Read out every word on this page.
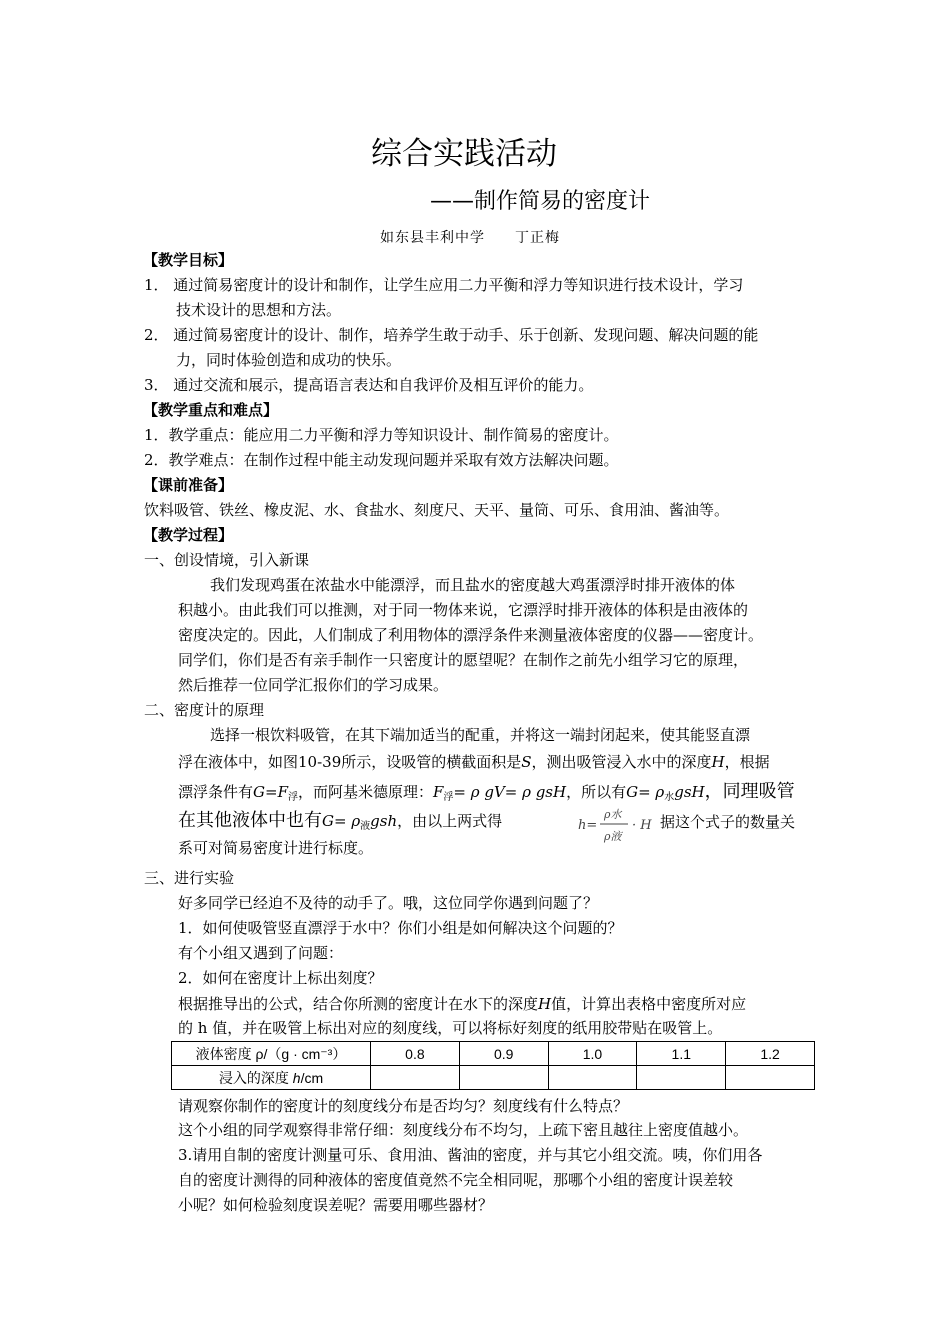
综合实践活动
——制作简易的密度计
如东县丰利中学　　丁正梅
【教学目标】
1． 通过简易密度计的设计和制作，让学生应用二力平衡和浮力等知识进行技术设计，学习
技术设计的思想和方法。
2． 通过简易密度计的设计、制作，培养学生敢于动手、乐于创新、发现问题、解决问题的能
力，同时体验创造和成功的快乐。
3． 通过交流和展示，提高语言表达和自我评价及相互评价的能力。
【教学重点和难点】
1．教学重点：能应用二力平衡和浮力等知识设计、制作简易的密度计。
2．教学难点：在制作过程中能主动发现问题并采取有效方法解决问题。
【课前准备】
饮料吸管、铁丝、橡皮泥、水、食盐水、刻度尺、天平、量筒、可乐、食用油、酱油等。
【教学过程】
一、创设情境，引入新课
我们发现鸡蛋在浓盐水中能漂浮，而且盐水的密度越大鸡蛋漂浮时排开液体的体
积越小。由此我们可以推测，对于同一物体来说，它漂浮时排开液体的体积是由液体的
密度决定的。因此，人们制成了利用物体的漂浮条件来测量液体密度的仪器——密度计。
同学们，你们是否有亲手制作一只密度计的愿望呢？在制作之前先小组学习它的原理，
然后推荐一位同学汇报你们的学习成果。
二、密度计的原理
选择一根饮料吸管，在其下端加适当的配重，并将这一端封闭起来，使其能竖直漂
浮在液体中，如图10-39所示，设吸管的横截面积是S，测出吸管浸入水中的深度H，根据
漂浮条件有$G=F_浮$，而阿基米德原理：$F_浮= \rho$ gV= ρ gsH，所以有$G= \rho_水gsH$，同理吸管
在其他液体中也有$G= \rho_液gsh$，由以上两式得	h=
ρ水
ρ液
· H 据这个式子的数量关
系可对简易密度计进行标度。
三、进行实验
好多同学已经迫不及待的动手了。哦，这位同学你遇到问题了？
1．如何使吸管竖直漂浮于水中？你们小组是如何解决这个问题的？
有个小组又遇到了问题：
2．如何在密度计上标出刻度？
根据推导出的公式，结合你所测的密度计在水下的深度H值，计算出表格中密度所对应
的 h 值，并在吸管上标出对应的刻度线，可以将标好刻度的纸用胶带贴在吸管上。
液体密度 ρ/（g · cm⁻³）	0.8	0.9	1.0	1.1	1.2
浸入的深度 h/cm					
请观察你制作的密度计的刻度线分布是否均匀？刻度线有什么特点？
这个小组的同学观察得非常仔细：刻度线分布不均匀，上疏下密且越往上密度值越小。
3.请用自制的密度计测量可乐、食用油、酱油的密度，并与其它小组交流。咦，你们用各
自的密度计测得的同种液体的密度值竟然不完全相同呢，那哪个小组的密度计误差较
小呢？如何检验刻度误差呢？需要用哪些器材？
